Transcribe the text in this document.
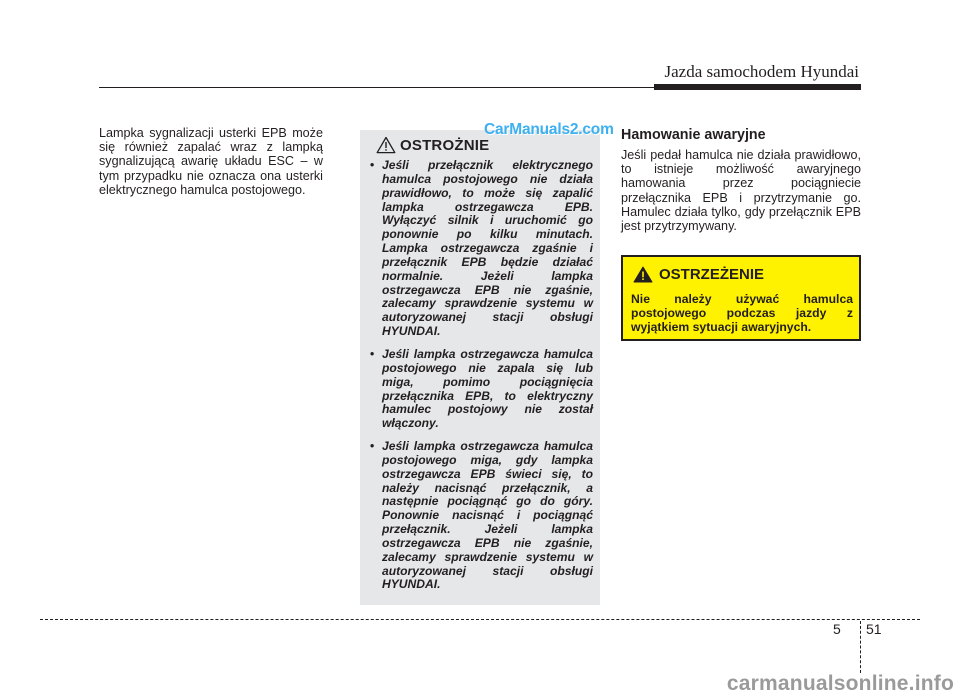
Jazda samochodem Hyundai
Lampka sygnalizacji usterki EPB może się również zapalać wraz z lampką sygnalizującą awarię układu ESC – w tym przypadku nie oznacza ona usterki elektrycznego hamulca postojowego.
OSTROŻNIE
• Jeśli przełącznik elektrycznego hamulca postojowego nie działa prawidłowo, to może się zapalić lampka ostrzegawcza EPB. Wyłączyć silnik i uruchomić go ponownie po kilku minutach. Lampka ostrzegawcza zgaśnie i przełącznik EPB będzie działać normalnie. Jeżeli lampka ostrzegawcza EPB nie zgaśnie, zalecamy sprawdzenie systemu w autoryzowanej stacji obsługi HYUNDAI.
• Jeśli lampka ostrzegawcza hamulca postojowego nie zapala się lub miga, pomimo pociągnięcia przełącznika EPB, to elektryczny hamulec postojowy nie został włączony.
• Jeśli lampka ostrzegawcza hamulca postojowego miga, gdy lampka ostrzegawcza EPB świeci się, to należy nacisnąć przełącznik, a następnie pociągnąć go do góry. Ponownie nacisnąć i pociągnąć przełącznik. Jeżeli lampka ostrzegawcza EPB nie zgaśnie, zalecamy sprawdzenie systemu w autoryzowanej stacji obsługi HYUNDAI.
CarManuals2.com Hamowanie awaryjne

Jeśli pedał hamulca nie działa prawidłowo, to istnieje możliwość awaryjnego hamowania przez pociągniecie przełącznika EPB i przytrzymanie go. Hamulec działa tylko, gdy przełącznik EPB jest przytrzymywany.

OSTRZEŻENIE
Nie należy używać hamulca postojowego podczas jazdy z wyjątkiem sytuacji awaryjnych.
5 51
carmanualsonline.info
